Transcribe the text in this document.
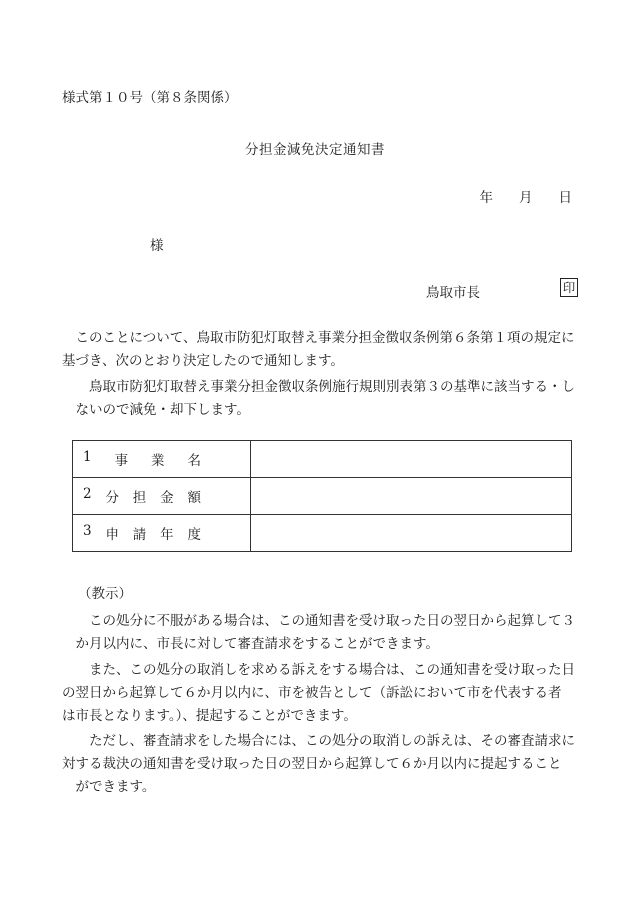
様式第１０号（第８条関係）
分担金減免決定通知書
年 月 日
様
鳥取市長	印
　このことについて、鳥取市防犯灯取替え事業分担金徴収条例第６条第１項の規定に
基づき、次のとおり決定したので通知します。
　　鳥取市防犯灯取替え事業分担金徴収条例施行規則別表第３の基準に該当する・し
　ないので減免・却下します。
1 事 業 名	

2 分 担 金 額	

3 申 請 年 度	

（教示）
　　この処分に不服がある場合は、この通知書を受け取った日の翌日から起算して３
　か月以内に、市長に対して審査請求をすることができます。
　　また、この処分の取消しを求める訴えをする場合は、この通知書を受け取った日
の翌日から起算して６か月以内に、市を被告として（訴訟において市を代表する者
は市長となります。）、提起することができます。
　　ただし、審査請求をした場合には、この処分の取消しの訴えは、その審査請求に
対する裁決の通知書を受け取った日の翌日から起算して６か月以内に提起すること
　ができます。
